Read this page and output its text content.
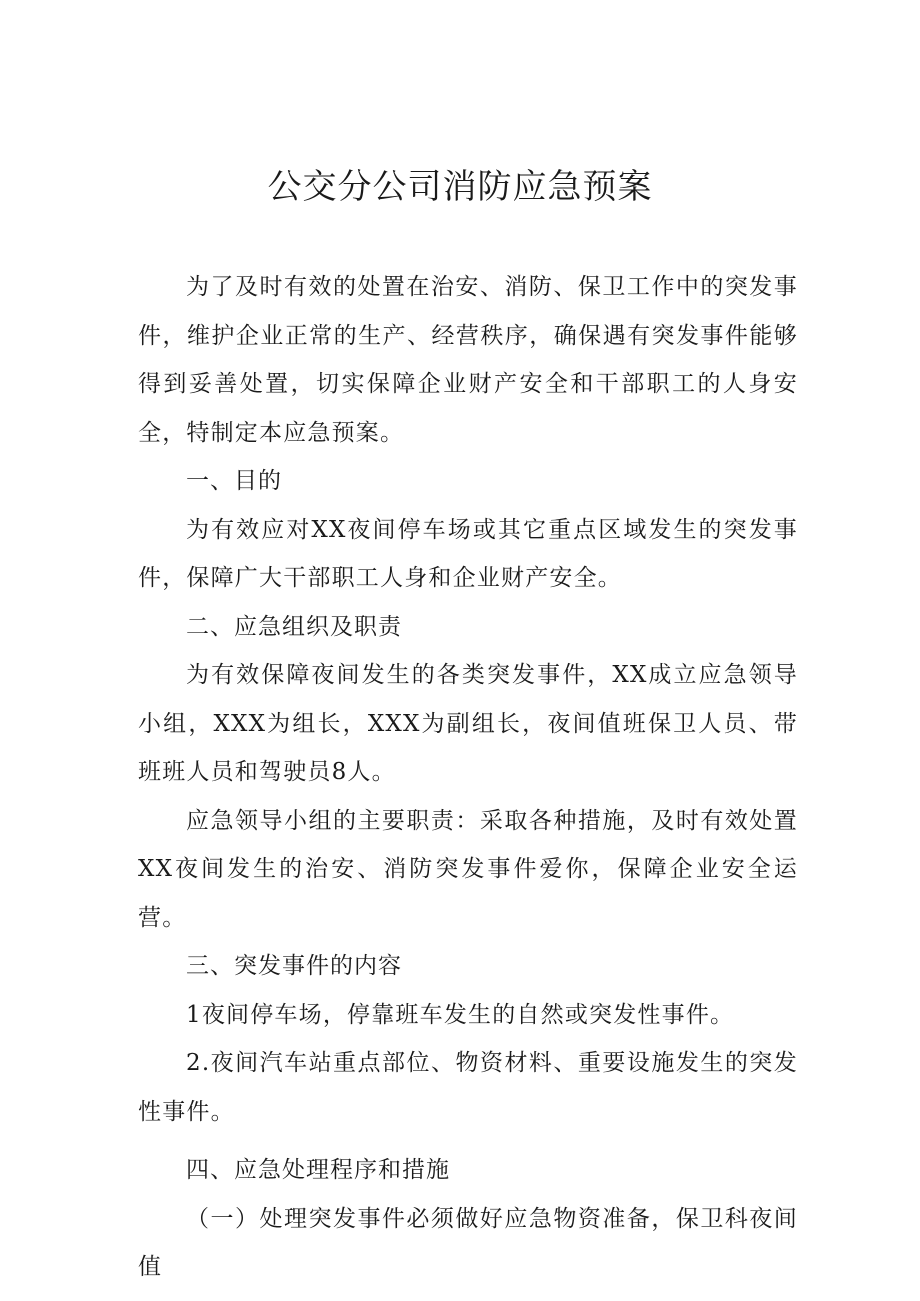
公交分公司消防应急预案

为了及时有效的处置在治安、消防、保卫工作中的突发事件，维护企业正常的生产、经营秩序，确保遇有突发事件能够得到妥善处置，切实保障企业财产安全和干部职工的人身安全，特制定本应急预案。

一、目的

为有效应对XX夜间停车场或其它重点区域发生的突发事件，保障广大干部职工人身和企业财产安全。

二、应急组织及职责

为有效保障夜间发生的各类突发事件，XX成立应急领导小组，XXX为组长，XXX为副组长，夜间值班保卫人员、带班班人员和驾驶员8人。

应急领导小组的主要职责：采取各种措施，及时有效处置XX夜间发生的治安、消防突发事件爱你，保障企业安全运营。

三、突发事件的内容

1夜间停车场，停靠班车发生的自然或突发性事件。

2.夜间汽车站重点部位、物资材料、重要设施发生的突发性事件。

四、应急处理程序和措施

（一）处理突发事件必须做好应急物资准备，保卫科夜间值
